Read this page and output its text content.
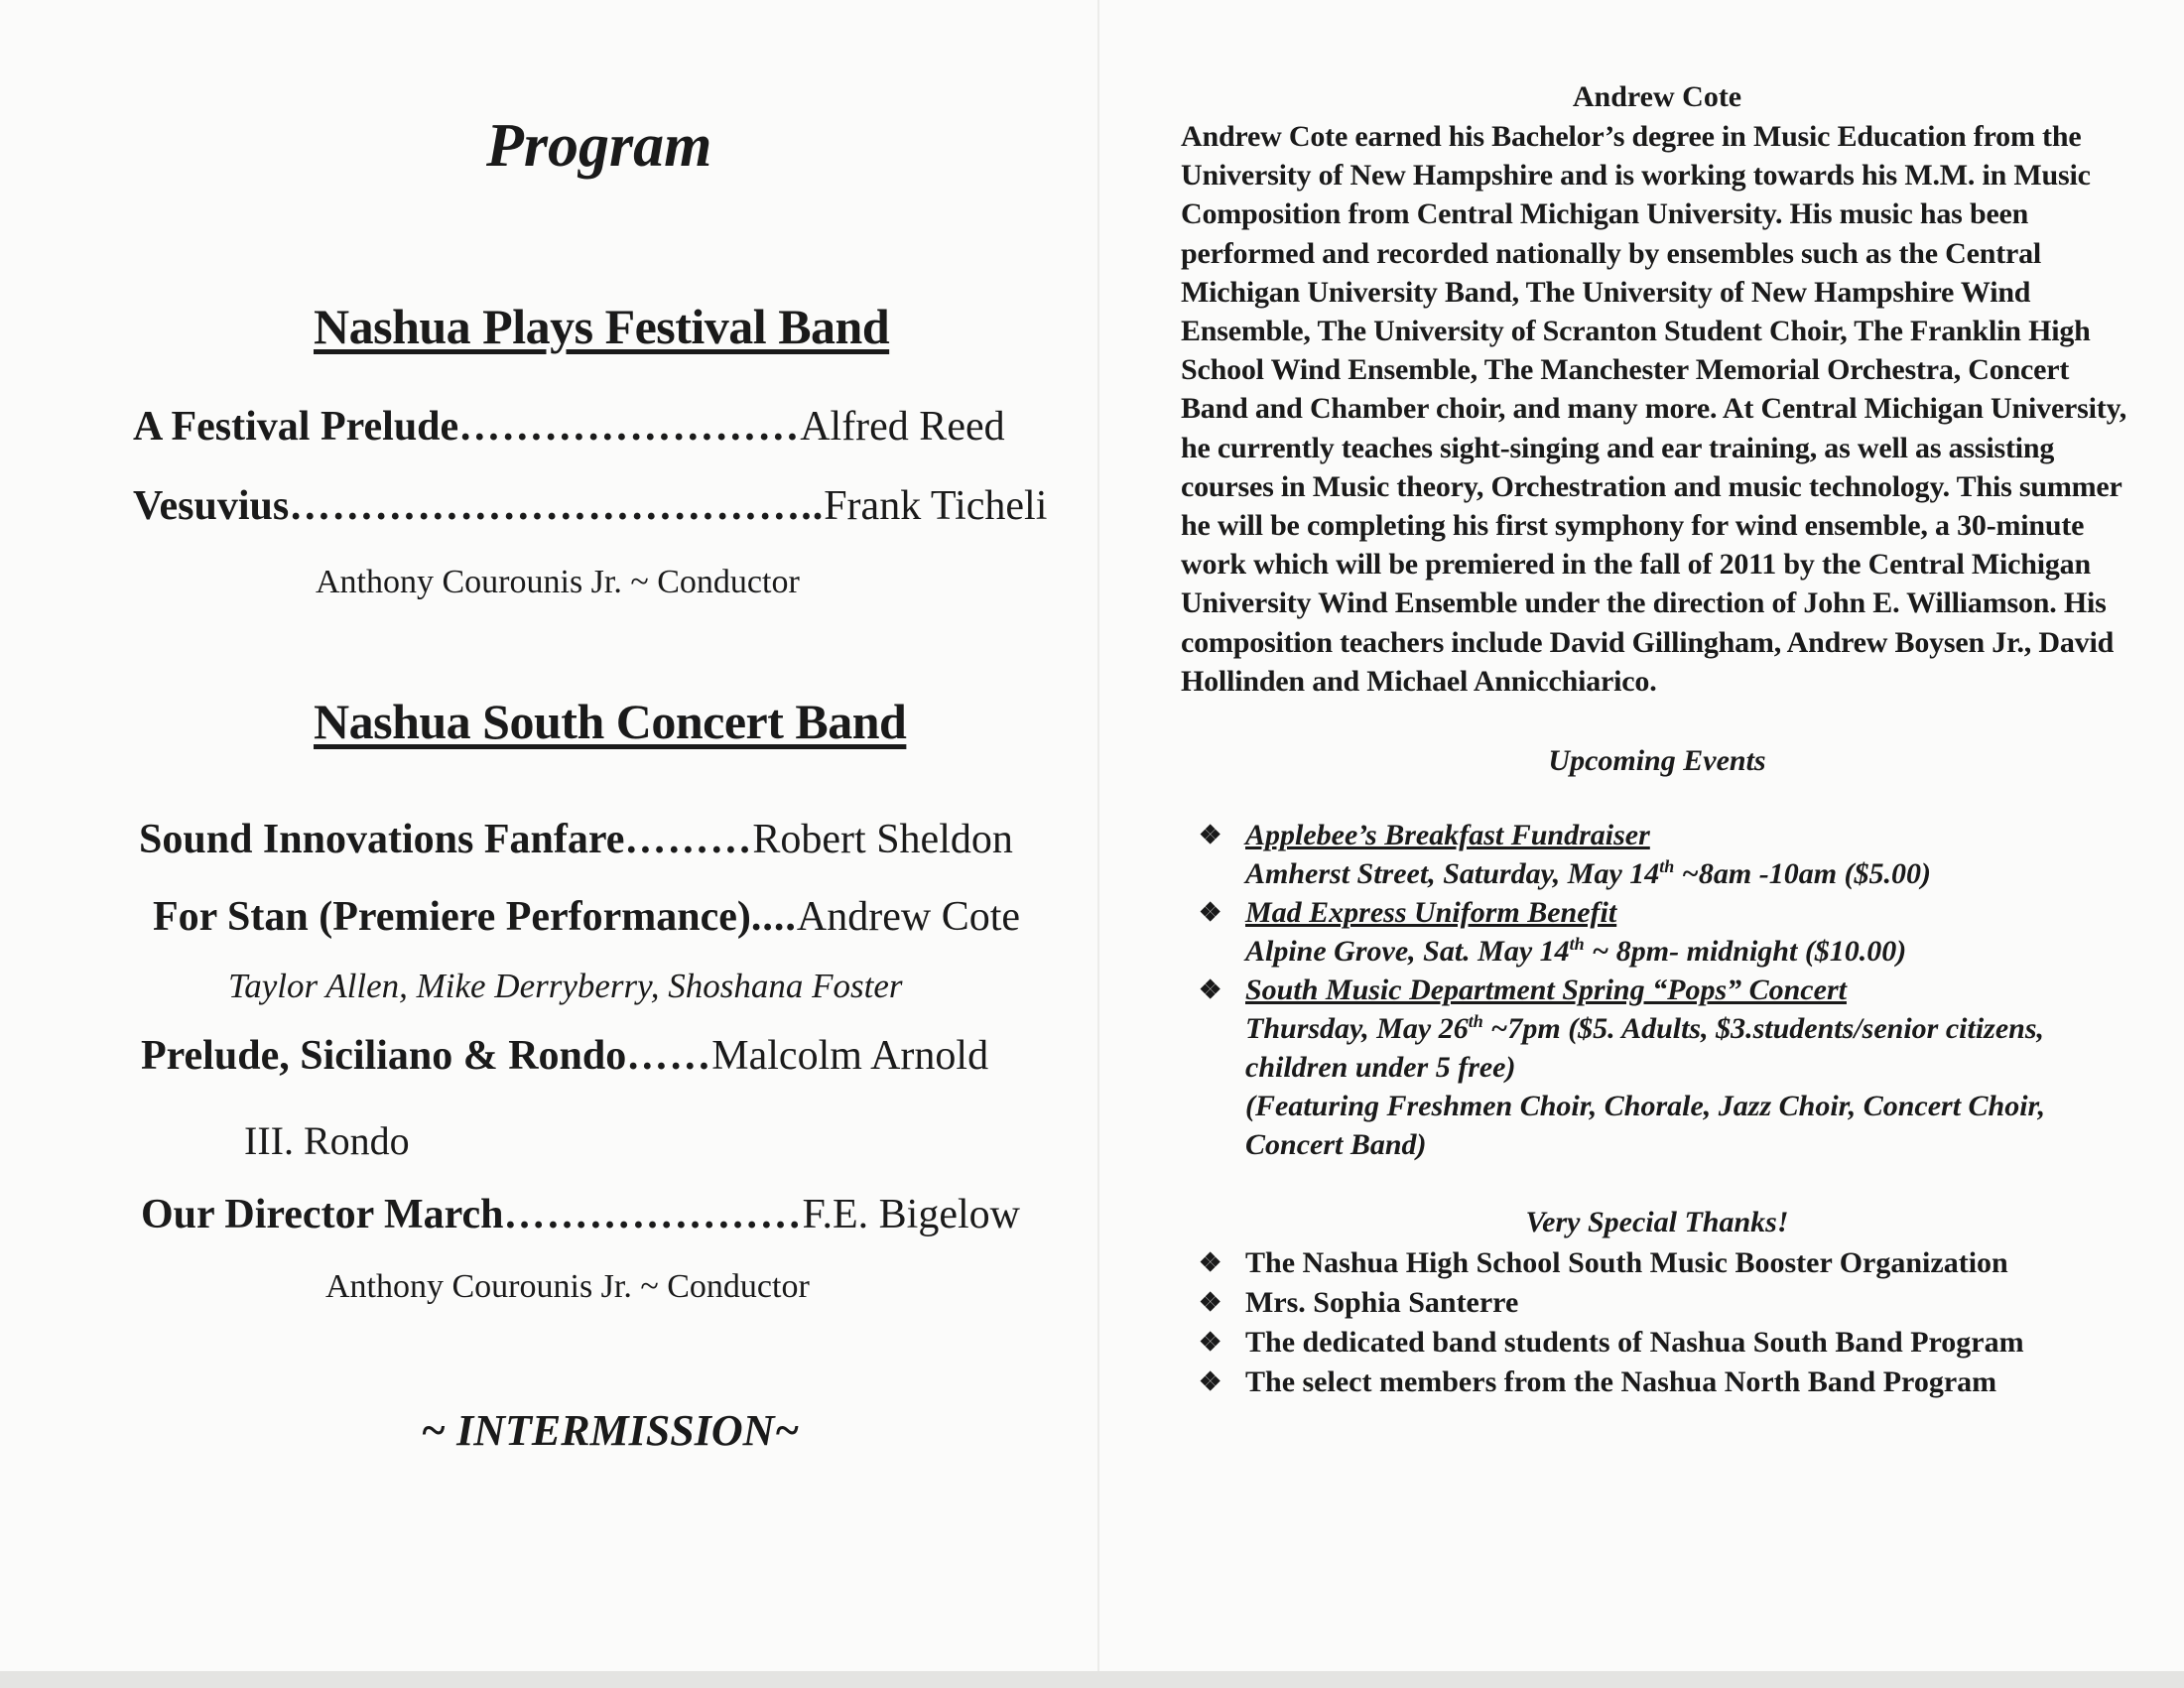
Program
Nashua Plays Festival Band
A Festival Prelude……………………Alfred Reed
Vesuvius………………………………..Frank Ticheli
Anthony Courounis Jr. ~ Conductor
Nashua South Concert Band
Sound Innovations Fanfare………Robert Sheldon
For Stan (Premiere Performance)....Andrew Cote
Taylor Allen, Mike Derryberry, Shoshana Foster
Prelude, Siciliano & Rondo……Malcolm Arnold
III. Rondo
Our Director March…………………F.E. Bigelow
Anthony Courounis Jr. ~ Conductor
~ INTERMISSION~

Andrew Cote

Andrew Cote earned his Bachelor’s degree in Music Education from the University of New Hampshire and is working towards his M.M. in Music Composition from Central Michigan University. His music has been performed and recorded nationally by ensembles such as the Central Michigan University Band, The University of New Hampshire Wind Ensemble, The University of Scranton Student Choir, The Franklin High School Wind Ensemble, The Manchester Memorial Orchestra, Concert Band and Chamber choir, and many more. At Central Michigan University, he currently teaches sight-singing and ear training, as well as assisting courses in Music theory, Orchestration and music technology. This summer he will be completing his first symphony for wind ensemble, a 30-minute work which will be premiered in the fall of 2011 by the Central Michigan University Wind Ensemble under the direction of John E. Williamson. His composition teachers include David Gillingham, Andrew Boysen Jr., David Hollinden and Michael Annicchiarico.

Upcoming Events

❖ Applebee’s Breakfast Fundraiser
Amherst Street, Saturday, May 14th ~8am -10am ($5.00)
❖ Mad Express Uniform Benefit
Alpine Grove, Sat. May 14th ~ 8pm- midnight ($10.00)
❖ South Music Department Spring “Pops” Concert
Thursday, May 26th ~7pm ($5. Adults, $3.students/senior citizens, children under 5 free)
(Featuring Freshmen Choir, Chorale, Jazz Choir, Concert Choir, Concert Band)

Very Special Thanks!

❖ The Nashua High School South Music Booster Organization
❖ Mrs. Sophia Santerre
❖ The dedicated band students of Nashua South Band Program
❖ The select members from the Nashua North Band Program
